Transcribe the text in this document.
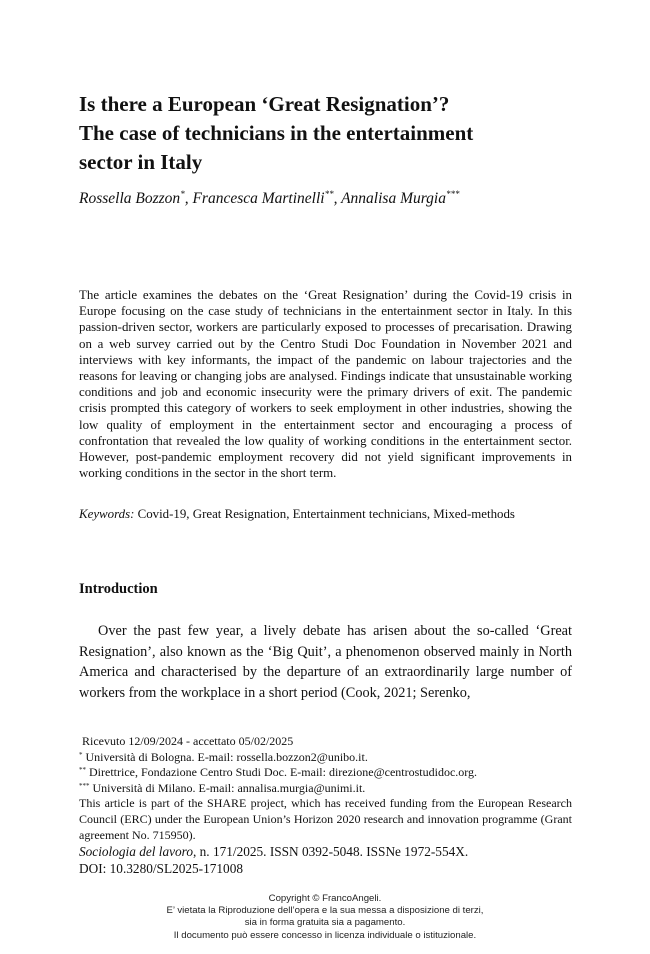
Is there a European ‘Great Resignation’?
The case of technicians in the entertainment
sector in Italy
Rossella Bozzon*, Francesca Martinelli**, Annalisa Murgia***

The article examines the debates on the ‘Great Resignation’ during the Covid-19 crisis in Europe focusing on the case study of technicians in the entertainment sector in Italy. In this passion-driven sector, workers are particularly exposed to processes of precarisation. Drawing on a web survey carried out by the Centro Studi Doc Foundation in November 2021 and interviews with key informants, the impact of the pandemic on labour trajectories and the reasons for leaving or changing jobs are analysed. Findings indicate that unsustainable working conditions and job and economic insecurity were the primary drivers of exit. The pandemic crisis prompted this category of workers to seek employment in other industries, showing the low quality of employment in the entertainment sector and encouraging a process of confrontation that revealed the low quality of working conditions in the entertainment sector. However, post-pandemic employment recovery did not yield significant improvements in working conditions in the sector in the short term.

Keywords: Covid-19, Great Resignation, Entertainment technicians, Mixed-methods

Introduction

Over the past few year, a lively debate has arisen about the so-called ‘Great Resignation’, also known as the ‘Big Quit’, a phenomenon observed mainly in North America and characterised by the departure of an extraordinarily large number of workers from the workplace in a short period (Cook, 2021; Serenko,

Ricevuto 12/09/2024 - accettato 05/02/2025
* Università di Bologna. E-mail: rossella.bozzon2@unibo.it.
** Direttrice, Fondazione Centro Studi Doc. E-mail: direzione@centrostudidoc.org.
*** Università di Milano. E-mail: annalisa.murgia@unimi.it.
This article is part of the SHARE project, which has received funding from the European Research Council (ERC) under the European Union’s Horizon 2020 research and innovation programme (Grant agreement No. 715950).
Sociologia del lavoro, n. 171/2025. ISSN 0392-5048. ISSNe 1972-554X.
DOI: 10.3280/SL2025-171008
Copyright © FrancoAngeli.
E’ vietata la Riproduzione dell’opera e la sua messa a disposizione di terzi,
sia in forma gratuita sia a pagamento.
Il documento può essere concesso in licenza individuale o istituzionale.
